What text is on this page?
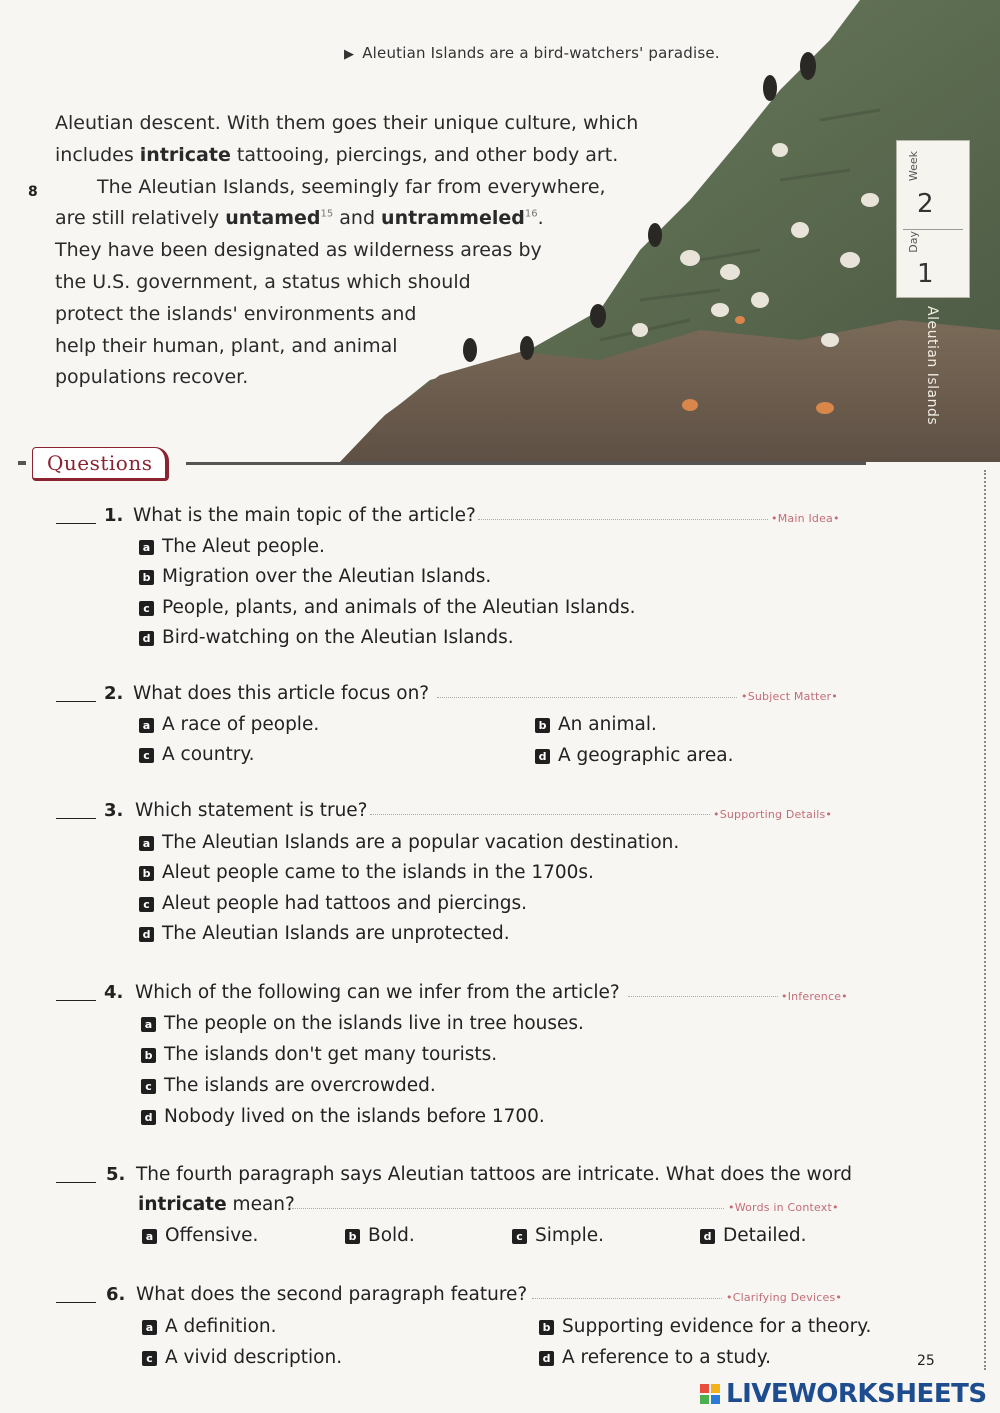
▶ Aleutian Islands are a bird-watchers' paradise.
8
Aleutian descent. With them goes their unique culture, which
includes intricate tattooing, piercings, and other body art.
The Aleutian Islands, seemingly far from everywhere,
are still relatively untamed$^{15}$ and untrammeled$^{16}$.
They have been designated as wilderness areas by
the U.S. government, a status which should
protect the islands' environments and
help their human, plant, and animal
populations recover.
Week
2
Day
1
Aleutian Islands
Questions
1. What is the main topic of the article?	•Main Idea•
a The Aleut people.
b Migration over the Aleutian Islands.
c People, plants, and animals of the Aleutian Islands.
d Bird-watching on the Aleutian Islands.
2. What does this article focus on?	•Subject Matter•
a A race of people.	b An animal.
c A country.	d A geographic area.
3. Which statement is true?	•Supporting Details•
a The Aleutian Islands are a popular vacation destination.
b Aleut people came to the islands in the 1700s.
c Aleut people had tattoos and piercings.
d The Aleutian Islands are unprotected.
4. Which of the following can we infer from the article?	•Inference•
a The people on the islands live in tree houses.
b The islands don't get many tourists.
c The islands are overcrowded.
d Nobody lived on the islands before 1700.
5. The fourth paragraph says Aleutian tattoos are intricate. What does the word
intricate mean?	•Words in Context•
a Offensive.	b Bold.	c Simple.	d Detailed.
6. What does the second paragraph feature?	•Clarifying Devices•
a A definition.	b Supporting evidence for a theory.
c A vivid description.	d A reference to a study.	25
LIVEWORKSHEETS
